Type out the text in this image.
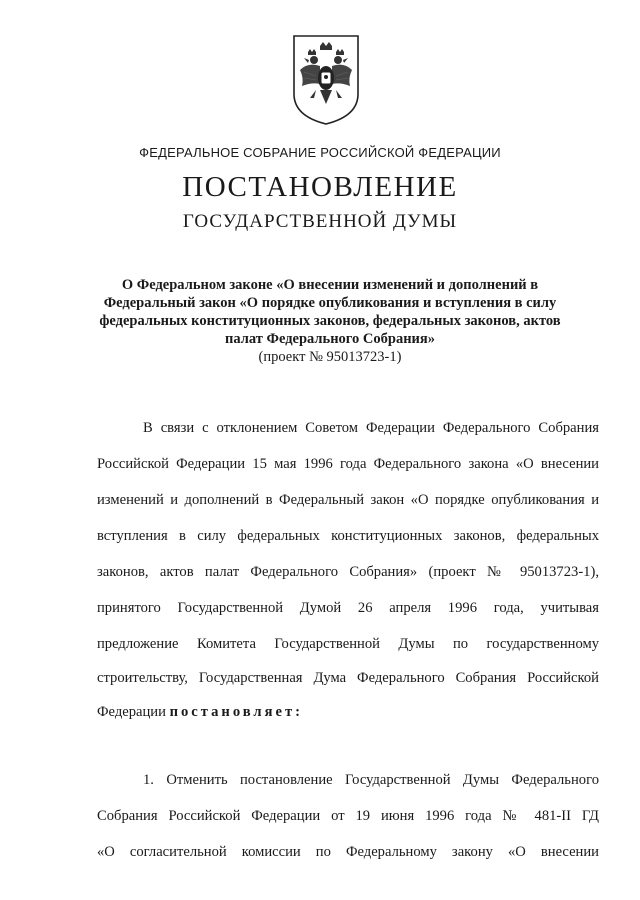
ФЕДЕРАЛЬНОЕ СОБРАНИЕ РОССИЙСКОЙ ФЕДЕРАЦИИ
ПОСТАНОВЛЕНИЕ
ГОСУДАРСТВЕННОЙ ДУМЫ
О Федеральном законе «О внесении изменений и дополнений в
Федеральный закон «О порядке опубликования и вступления в силу
федеральных конституционных законов, федеральных законов, актов
палат Федерального Собрания»
(проект № 95013723-1)
В связи с отклонением Советом Федерации Федерального Собрания
Российской Федерации 15 мая 1996 года Федерального закона «О внесении
изменений и дополнений в Федеральный закон «О порядке опубликования и
вступления в силу федеральных конституционных законов, федеральных
законов, актов палат Федерального Собрания» (проект № 95013723-1),
принятого Государственной Думой 26 апреля 1996 года, учитывая
предложение Комитета Государственной Думы по государственному
строительству, Государственная Дума Федерального Собрания Российской
Федерации постановляет:
1. Отменить постановление Государственной Думы Федерального
Собрания Российской Федерации от 19 июня 1996 года № 481-II ГД
«О согласительной комиссии по Федеральному закону «О внесении
